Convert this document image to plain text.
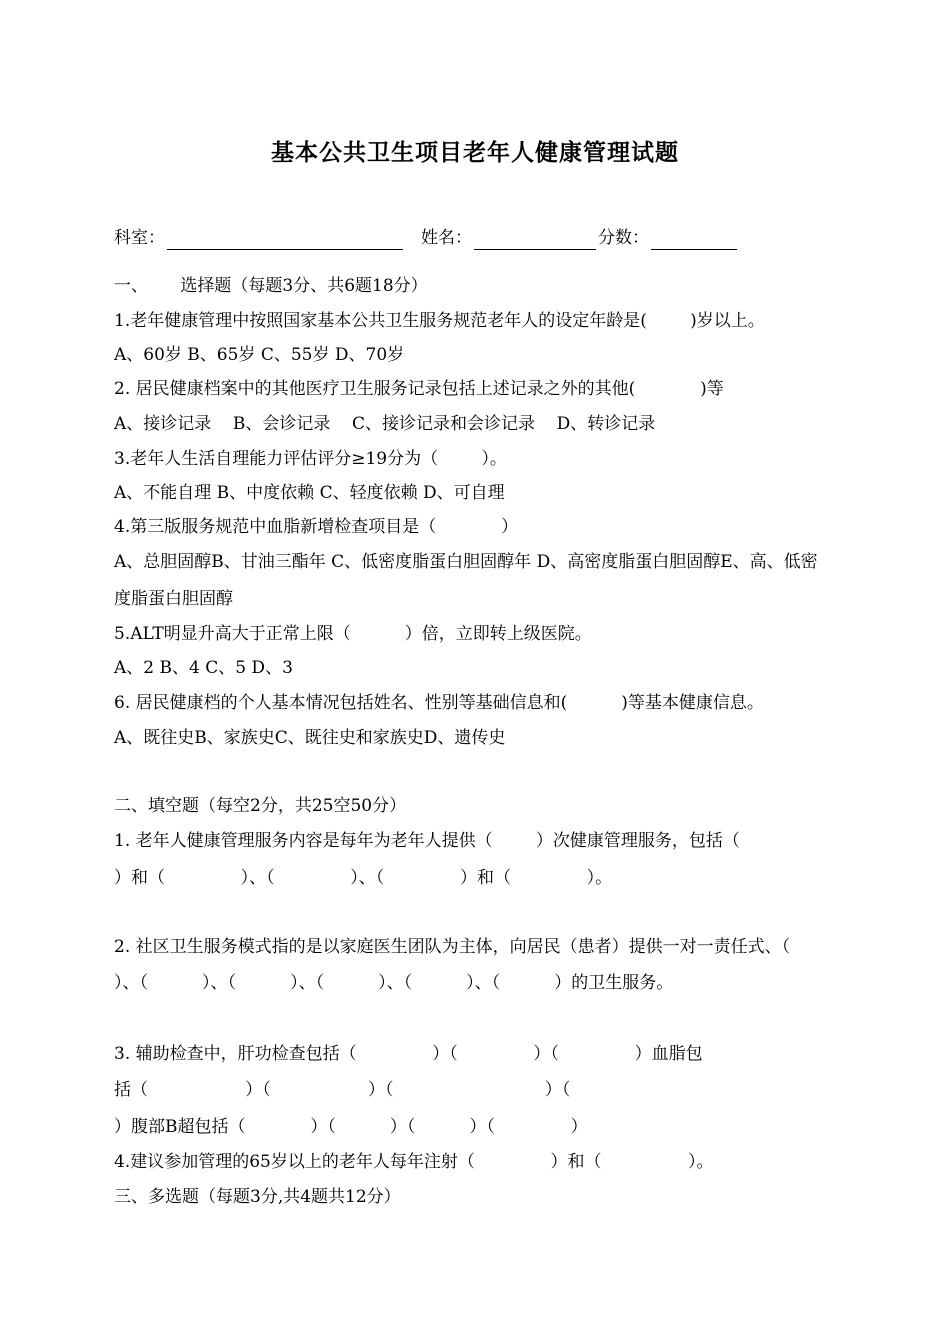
基本公共卫生项目老年人健康管理试题
科室：	姓名：	分数：
一、      选择题（每题3分、共6题18分）
1.老年健康管理中按照国家基本公共卫生服务规范老年人的设定年龄是(        )岁以上。
A、60岁 B、65岁 C、55岁 D、70岁
2. 居民健康档案中的其他医疗卫生服务记录包括上述记录之外的其他(            )等
A、接诊记录    B、会诊记录    C、接诊记录和会诊记录    D、转诊记录
3.老年人生活自理能力评估评分≥19分为（        ）。
A、不能自理 B、中度依赖 C、轻度依赖 D、可自理
4.第三版服务规范中血脂新增检查项目是（            ）
A、总胆固醇B、甘油三酯年 C、低密度脂蛋白胆固醇年 D、高密度脂蛋白胆固醇E、高、低密
度脂蛋白胆固醇
5.ALT明显升高大于正常上限（          ）倍，立即转上级医院。
A、2 B、4 C、5 D、3
6. 居民健康档的个人基本情况包括姓名、性别等基础信息和(          )等基本健康信息。
A、既往史B、家族史C、既往史和家族史D、遗传史
二、填空题（每空2分，共25空50分）
1. 老年人健康管理服务内容是每年为老年人提供（        ）次健康管理服务，包括（
）和（              ）、（              ）、（              ）和（              ）。
2. 社区卫生服务模式指的是以家庭医生团队为主体，向居民（患者）提供一对一责任式、（
）、（          ）、（          ）、（          ）、（          ）、（          ）的卫生服务。
3. 辅助检查中，肝功检查包括（              ）（              ）（              ）血脂包
括（                  ）（                  ）（                            ）（
）腹部B超包括（            ）（          ）（          ）（              ）
4.建议参加管理的65岁以上的老年人每年注射（              ）和（                ）。
三、多选题（每题3分,共4题共12分）
